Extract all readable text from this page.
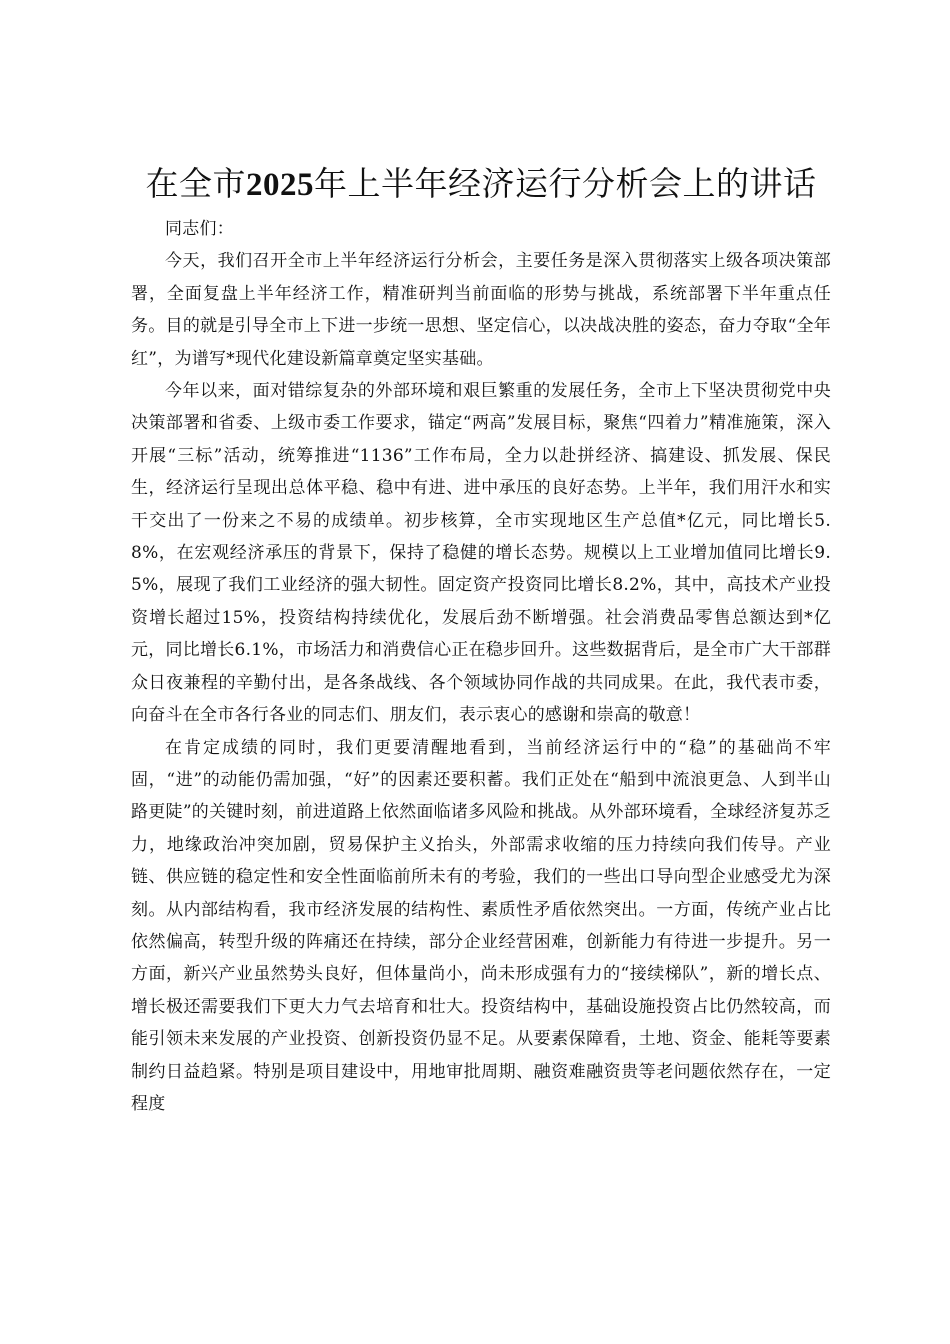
在全市2025年上半年经济运行分析会上的讲话

同志们：

今天，我们召开全市上半年经济运行分析会，主要任务是深入贯彻落实上级各项决策部署，全面复盘上半年经济工作，精准研判当前面临的形势与挑战，系统部署下半年重点任务。目的就是引导全市上下进一步统一思想、坚定信心，以决战决胜的姿态，奋力夺取“全年红”，为谱写*现代化建设新篇章奠定坚实基础。

今年以来，面对错综复杂的外部环境和艰巨繁重的发展任务，全市上下坚决贯彻党中央决策部署和省委、上级市委工作要求，锚定“两高”发展目标，聚焦“四着力”精准施策，深入开展“三标”活动，统筹推进“1136”工作布局，全力以赴拼经济、搞建设、抓发展、保民生，经济运行呈现出总体平稳、稳中有进、进中承压的良好态势。上半年，我们用汗水和实干交出了一份来之不易的成绩单。初步核算，全市实现地区生产总值*亿元，同比增长5.8%，在宏观经济承压的背景下，保持了稳健的增长态势。规模以上工业增加值同比增长9.5%，展现了我们工业经济的强大韧性。固定资产投资同比增长8.2%，其中，高技术产业投资增长超过15%，投资结构持续优化，发展后劲不断增强。社会消费品零售总额达到*亿元，同比增长6.1%，市场活力和消费信心正在稳步回升。这些数据背后，是全市广大干部群众日夜兼程的辛勤付出，是各条战线、各个领域协同作战的共同成果。在此，我代表市委，向奋斗在全市各行各业的同志们、朋友们，表示衷心的感谢和崇高的敬意！

在肯定成绩的同时，我们更要清醒地看到，当前经济运行中的“稳”的基础尚不牢固，“进”的动能仍需加强，“好”的因素还要积蓄。我们正处在“船到中流浪更急、人到半山路更陡”的关键时刻，前进道路上依然面临诸多风险和挑战。从外部环境看，全球经济复苏乏力，地缘政治冲突加剧，贸易保护主义抬头，外部需求收缩的压力持续向我们传导。产业链、供应链的稳定性和安全性面临前所未有的考验，我们的一些出口导向型企业感受尤为深刻。从内部结构看，我市经济发展的结构性、素质性矛盾依然突出。一方面，传统产业占比依然偏高，转型升级的阵痛还在持续，部分企业经营困难，创新能力有待进一步提升。另一方面，新兴产业虽然势头良好，但体量尚小，尚未形成强有力的“接续梯队”，新的增长点、增长极还需要我们下更大力气去培育和壮大。投资结构中，基础设施投资占比仍然较高，而能引领未来发展的产业投资、创新投资仍显不足。从要素保障看，土地、资金、能耗等要素制约日益趋紧。特别是项目建设中，用地审批周期、融资难融资贵等老问题依然存在，一定程度
